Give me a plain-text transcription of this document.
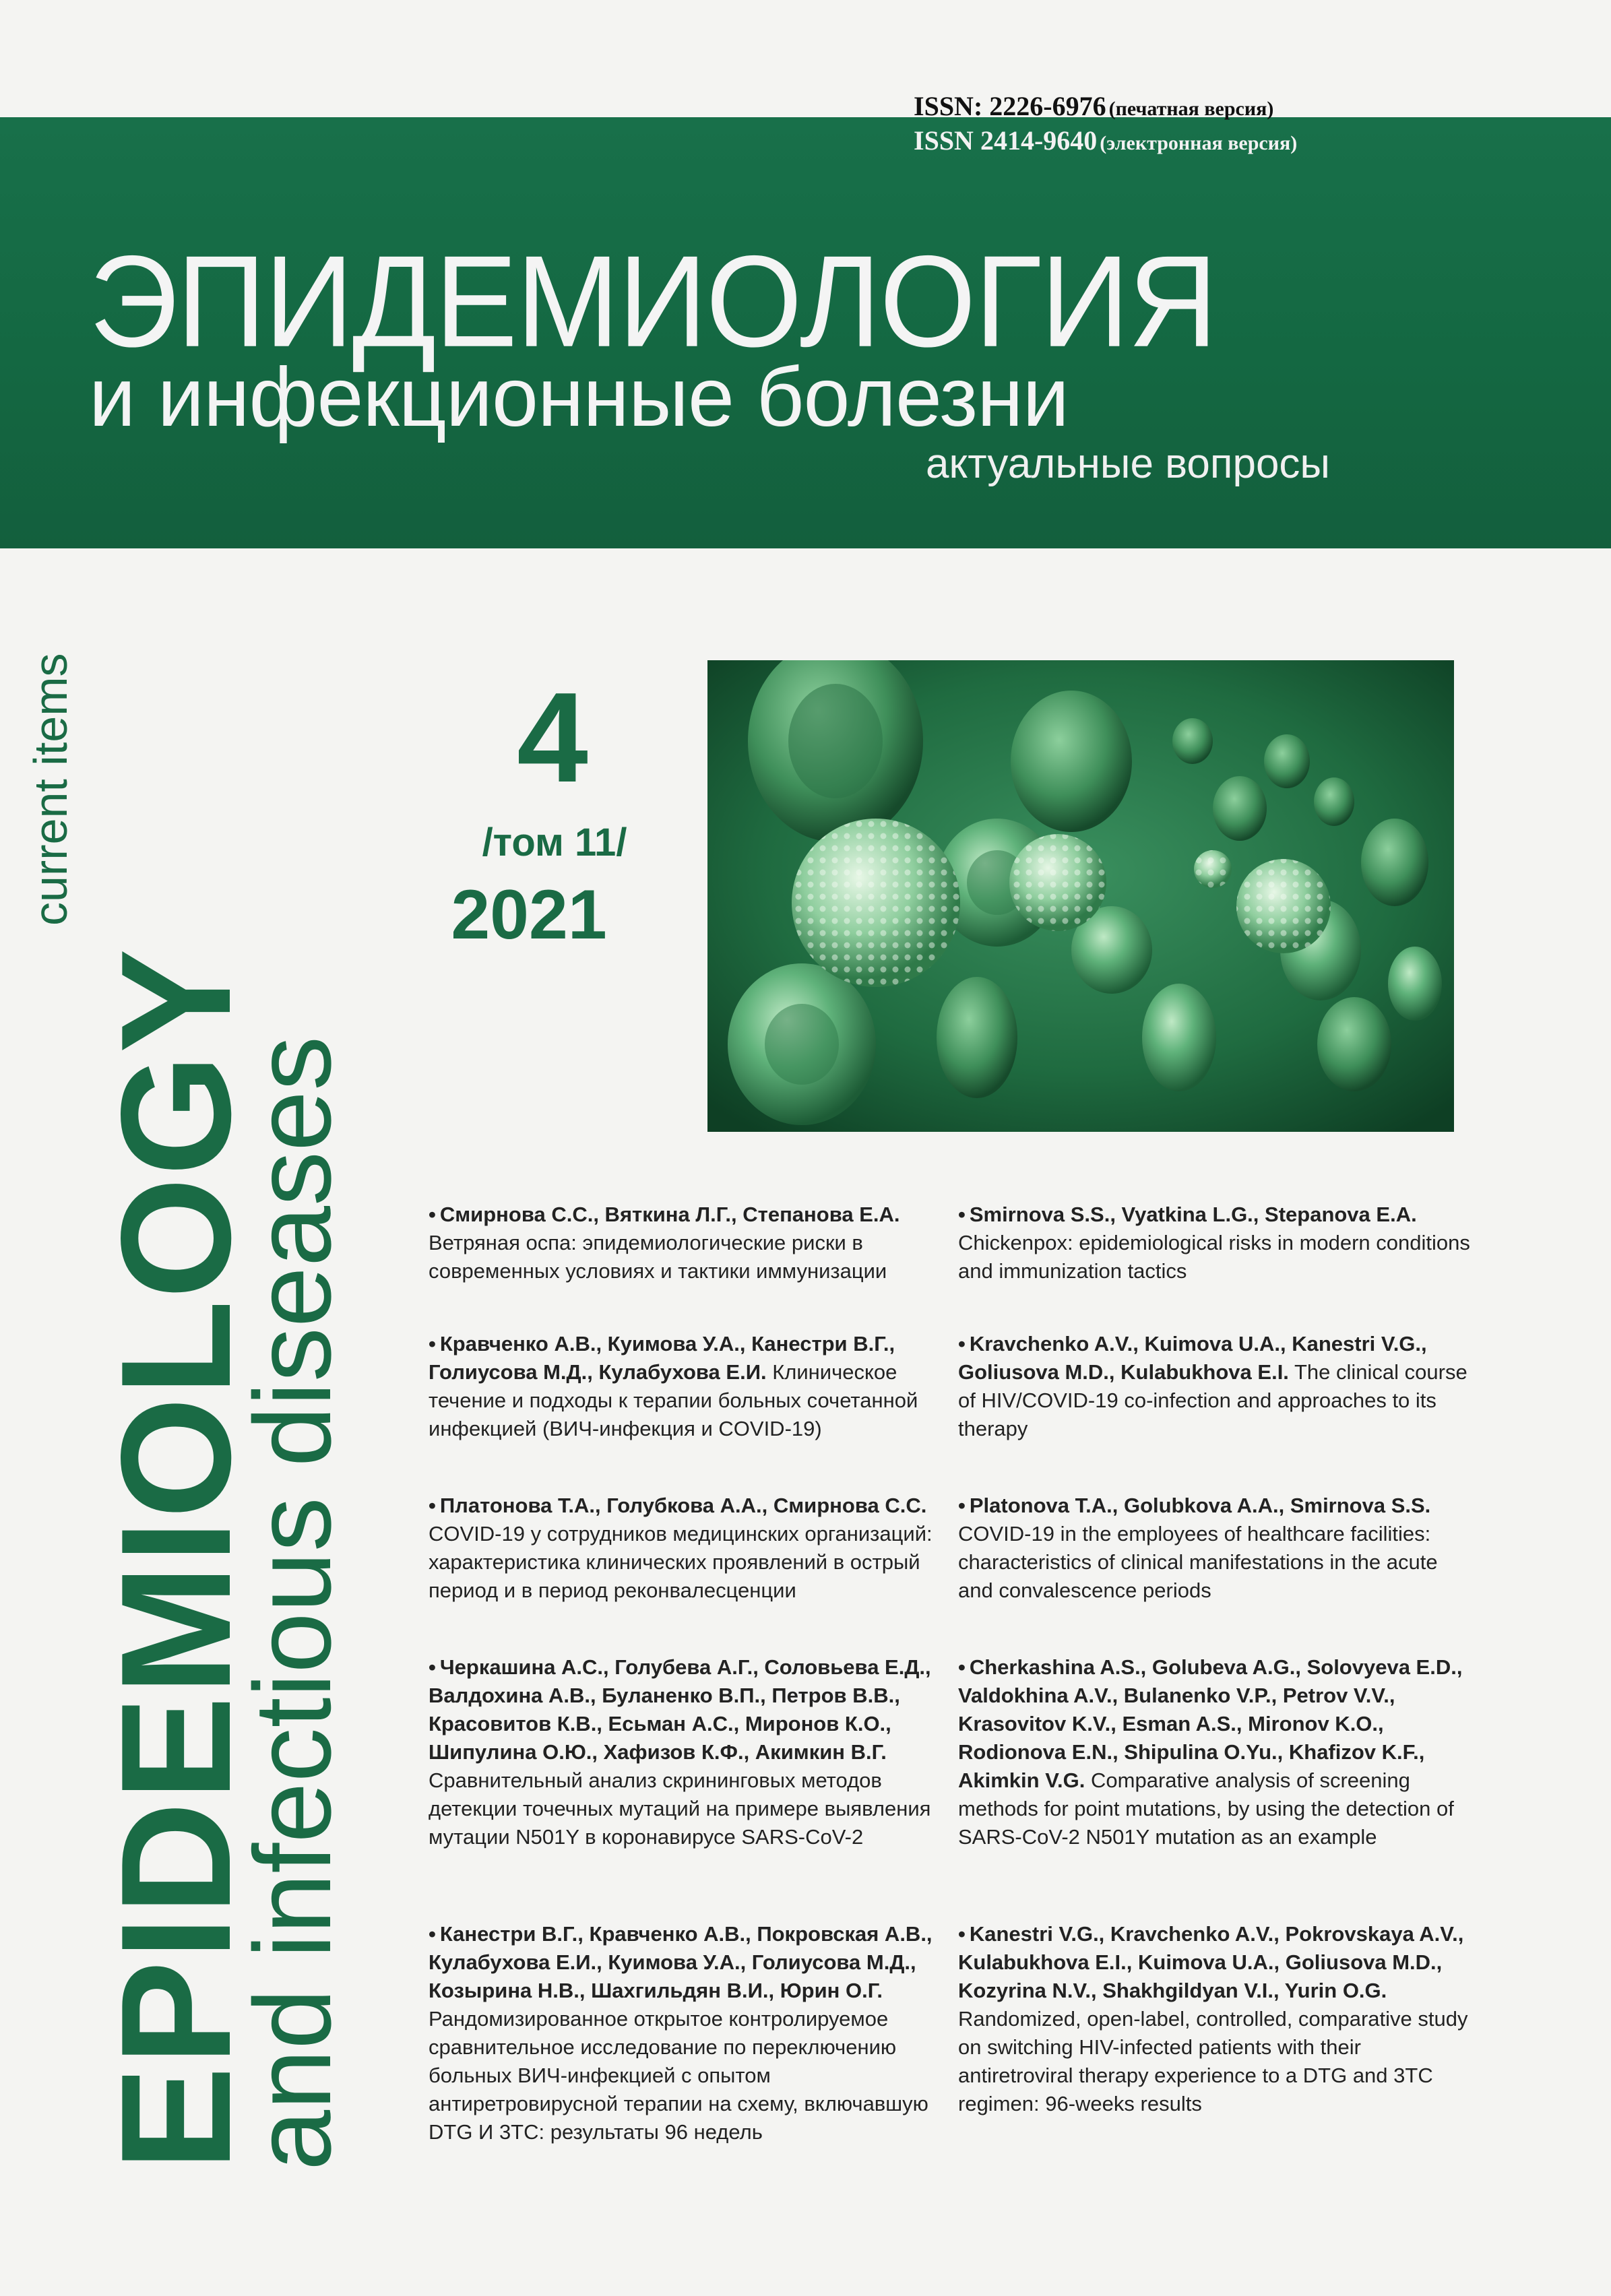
ISSN: 2226-6976 (печатная версия)
ISSN 2414-9640 (электронная версия)
ЭПИДЕМИОЛОГИЯ
и инфекционные болезни
актуальные вопросы
current items
EPIDEMIOLOGY
and infectious diseases
4
/том 11/
2021
• Смирнова С.С., Вяткина Л.Г., Степанова Е.А.
Ветряная оспа: эпидемиологические риски в современных условиях и тактики иммунизации
• Кравченко А.В., Куимова У.А., Канестри В.Г., Голиусова М.Д., Кулабухова Е.И. Клиническое течение и подходы к терапии больных сочетанной инфекцией (ВИЧ-инфекция и COVID-19)
• Платонова Т.А., Голубкова А.А., Смирнова С.С. COVID-19 у сотрудников медицинских организаций: характеристика клинических проявлений в острый период и в период реконвалесценции
• Черкашина А.С., Голубева А.Г., Соловьева Е.Д., Валдохина А.В., Буланенко В.П., Петров В.В., Красовитов К.В., Есьман А.С., Миронов К.О., Шипулина О.Ю., Хафизов К.Ф., Акимкин В.Г. Сравнительный анализ скрининговых методов детекции точечных мутаций на примере выявления мутации N501Y в коронавирусе SARS-CoV-2
• Канестри В.Г., Кравченко А.В., Покровская А.В., Кулабухова Е.И., Куимова У.А., Голиусова М.Д., Козырина Н.В., Шахгильдян В.И., Юрин О.Г. Рандомизированное открытое контролируемое сравнительное исследование по переключению больных ВИЧ-инфекцией с опытом антиретровирусной терапии на схему, включавшую DTG И 3TC: результаты 96 недель
• Smirnova S.S., Vyatkina L.G., Stepanova E.A.
Chickenpox: epidemiological risks in modern conditions and immunization tactics
• Kravchenko A.V., Kuimova U.A., Kanestri V.G., Goliusova M.D., Kulabukhova E.I. The clinical course of HIV/COVID-19 co-infection and approaches to its therapy
• Platonova T.A., Golubkova A.A., Smirnova S.S.
COVID-19 in the employees of healthcare facilities: characteristics of clinical manifestations in the acute and convalescence periods
• Cherkashina A.S., Golubeva A.G., Solovyeva E.D., Valdokhina A.V., Bulanenko V.P., Petrov V.V., Krasovitov K.V., Esman A.S., Mironov K.O., Rodionova E.N., Shipulina O.Yu., Khafizov K.F., Akimkin V.G. Comparative analysis of screening methods for point mutations, by using the detection of SARS-CoV-2 N501Y mutation as an example
• Kanestri V.G., Kravchenko A.V., Pokrovskaya A.V., Kulabukhova E.I., Kuimova U.A., Goliusova M.D., Kozyrina N.V., Shakhgildyan V.I., Yurin O.G. Randomized, open-label, controlled, comparative study on switching HIV-infected patients with their antiretroviral therapy experience to a DTG and 3TC regimen: 96-weeks results
